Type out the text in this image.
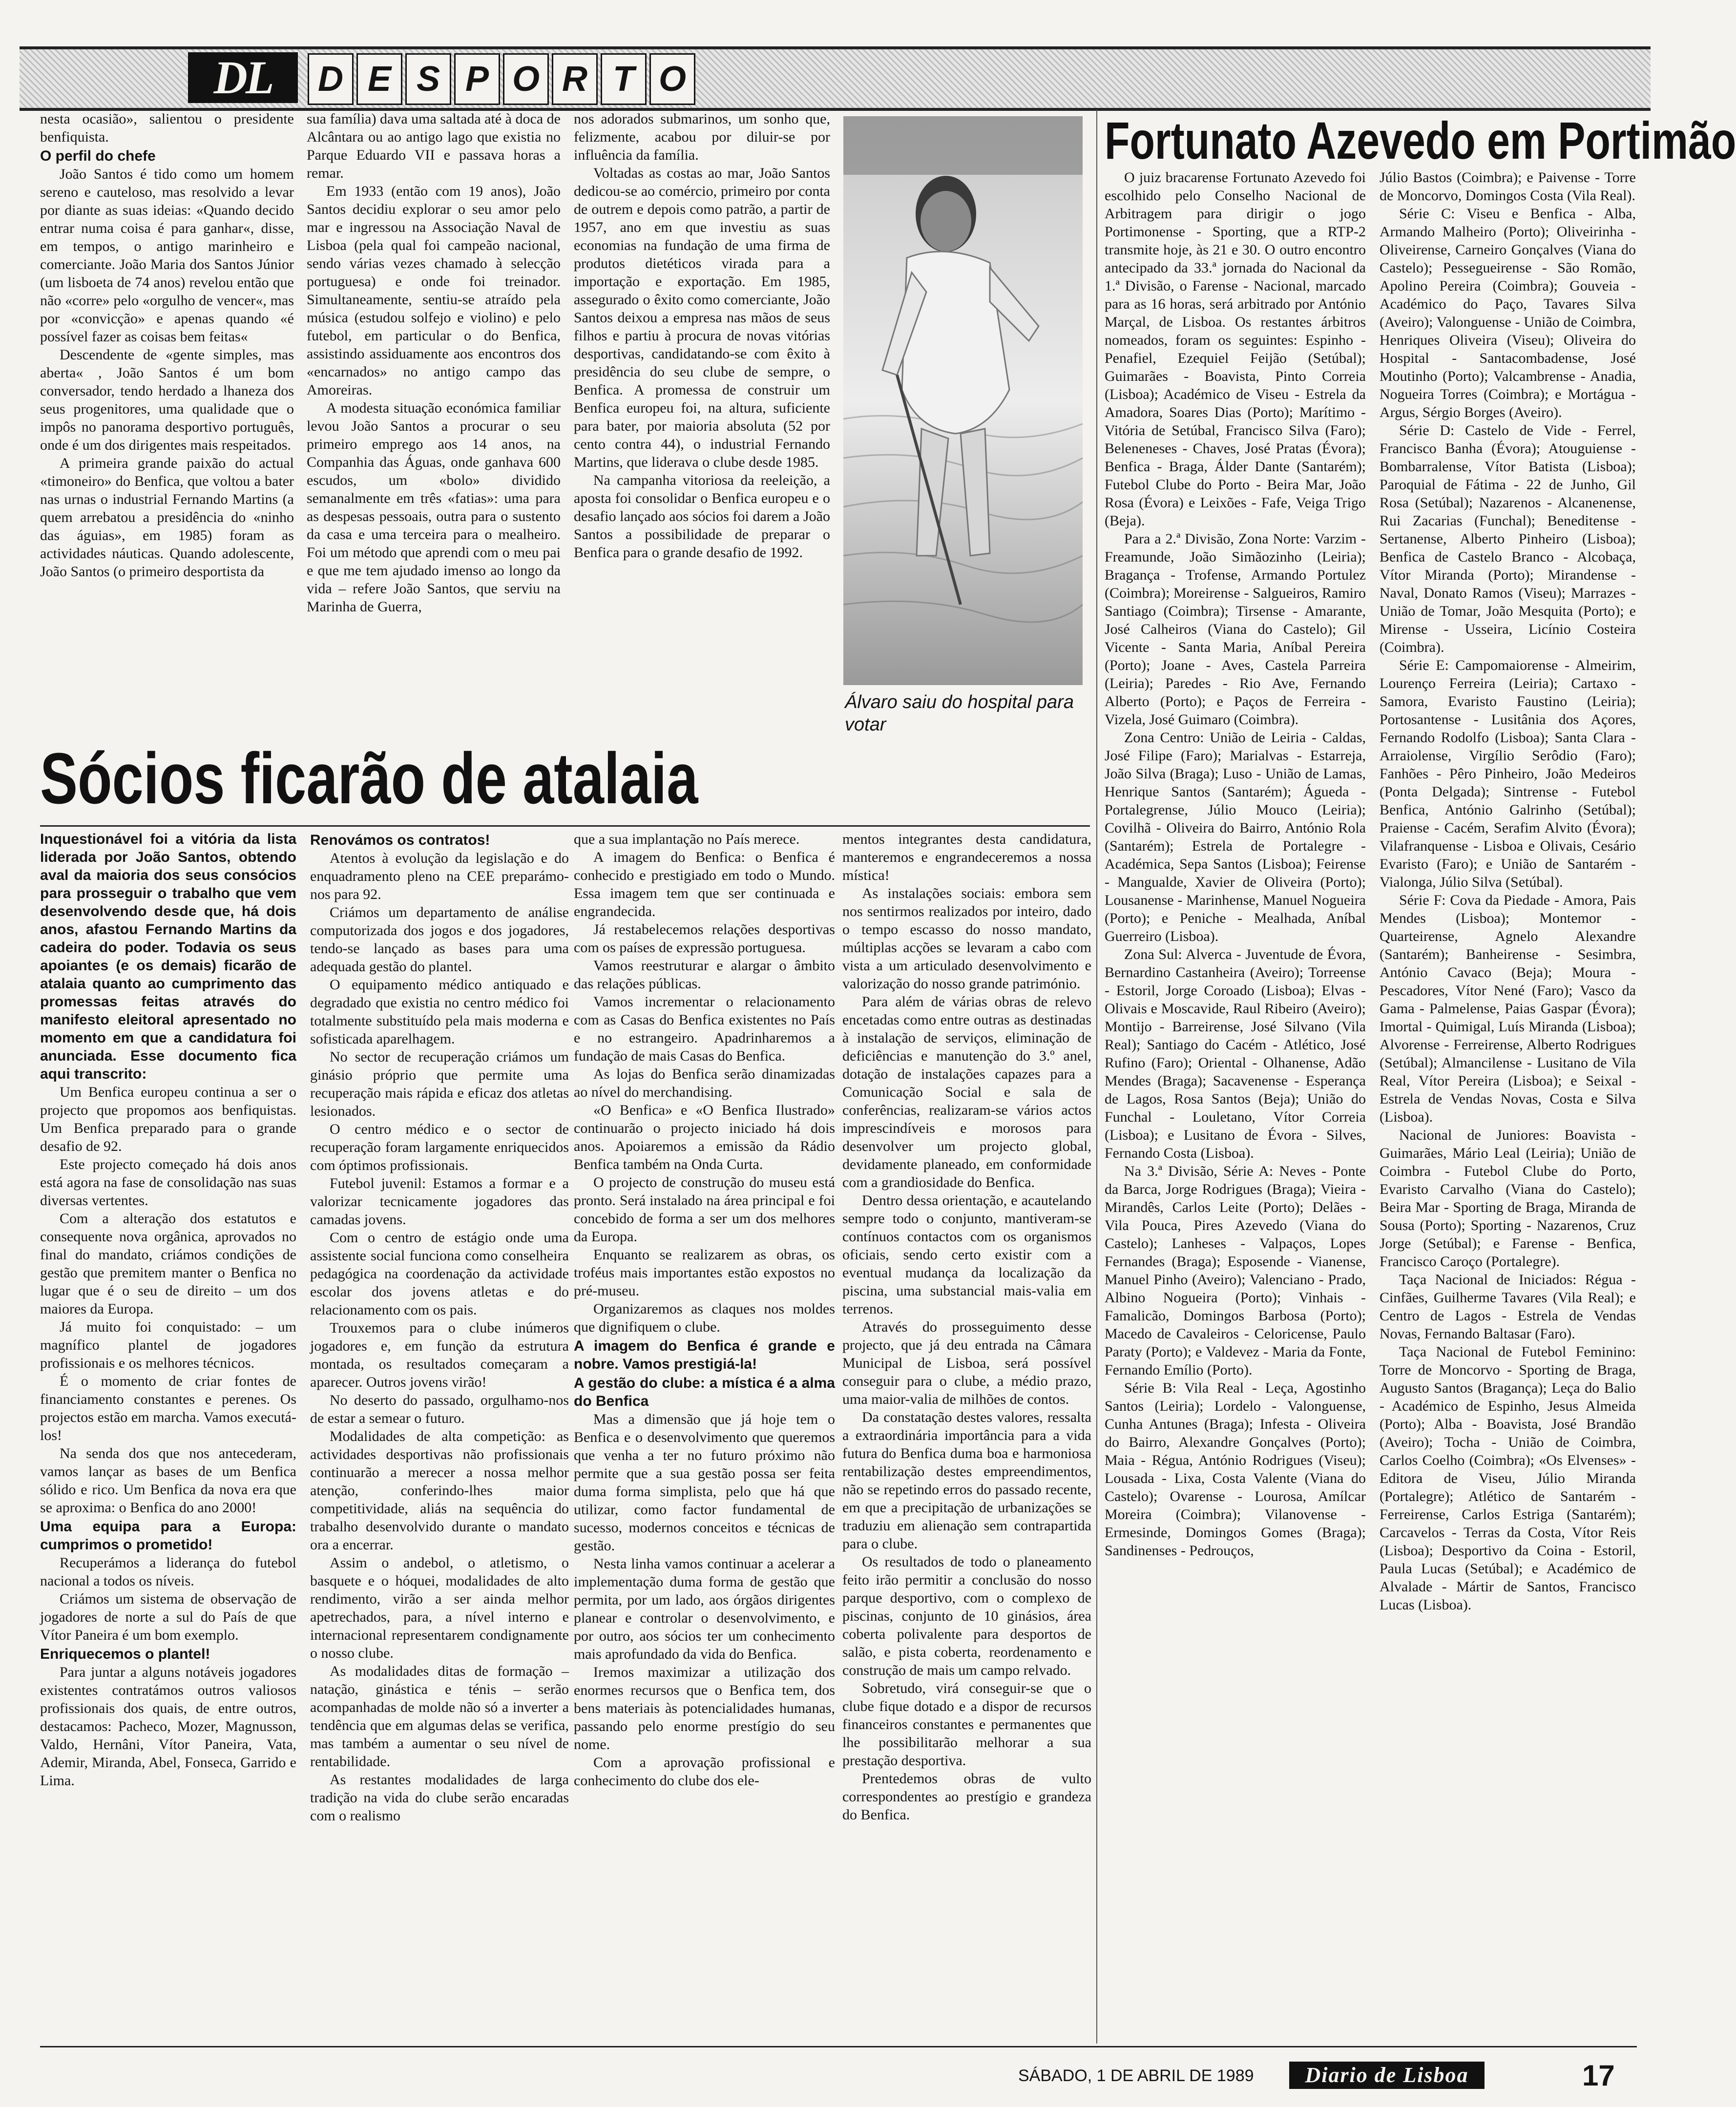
DL	D E S P O R T O

nesta ocasião», salientou o presidente benfiquista.

O perfil do chefe

João Santos é tido como um homem sereno e cauteloso, mas resolvido a levar por diante as suas ideias: «Quando decido entrar numa coisa é para ganhar«, disse, em tempos, o antigo marinheiro e comerciante. João Maria dos Santos Júnior (um lisboeta de 74 anos) revelou então que não «corre» pelo «orgulho de vencer«, mas por «convicção» e apenas quando «é possível fazer as coisas bem feitas«

Descendente de «gente simples, mas aberta« , João Santos é um bom conversador, tendo herdado a lhaneza dos seus progenitores, uma qualidade que o impôs no panorama desportivo português, onde é um dos dirigentes mais respeitados.

A primeira grande paixão do actual «timoneiro» do Benfica, que voltou a bater nas urnas o industrial Fernando Martins (a quem arrebatou a presidência do «ninho das águias», em 1985) foram as actividades náuticas. Quando adolescente, João Santos (o primeiro desportista da

sua família) dava uma saltada até à doca de Alcântara ou ao antigo lago que existia no Parque Eduardo VII e passava horas a remar.

Em 1933 (então com 19 anos), João Santos decidiu explorar o seu amor pelo mar e ingressou na Associação Naval de Lisboa (pela qual foi campeão nacional, sendo várias vezes chamado à selecção portuguesa) e onde foi treinador. Simultaneamente, sentiu-se atraído pela música (estudou solfejo e violino) e pelo futebol, em particular o do Benfica, assistindo assiduamente aos encontros dos «encarnados» no antigo campo das Amoreiras.

A modesta situação económica familiar levou João Santos a procurar o seu primeiro emprego aos 14 anos, na Companhia das Águas, onde ganhava 600 escudos, um «bolo» dividido semanalmente em três «fatias»: uma para as despesas pessoais, outra para o sustento da casa e uma terceira para o mealheiro. Foi um método que aprendi com o meu pai e que me tem ajudado imenso ao longo da vida – refere João Santos, que serviu na Marinha de Guerra,

nos adorados submarinos, um sonho que, felizmente, acabou por diluir-se por influência da família.

Voltadas as costas ao mar, João Santos dedicou-se ao comércio, primeiro por conta de outrem e depois como patrão, a partir de 1957, ano em que investiu as suas economias na fundação de uma firma de produtos dietéticos virada para a importação e exportação. Em 1985, assegurado o êxito como comerciante, João Santos deixou a empresa nas mãos de seus filhos e partiu à procura de novas vitórias desportivas, candidatando-se com êxito à presidência do seu clube de sempre, o Benfica. A promessa de construir um Benfica europeu foi, na altura, suficiente para bater, por maioria absoluta (52 por cento contra 44), o industrial Fernando Martins, que liderava o clube desde 1985.

Na campanha vitoriosa da reeleição, a aposta foi consolidar o Benfica europeu e o desafio lançado aos sócios foi darem a João Santos a possibilidade de preparar o Benfica para o grande desafio de 1992.

Álvaro saiu do hospital para votar
Fortunato Azevedo em Portimão

O juiz bracarense Fortunato Azevedo foi escolhido pelo Conselho Nacional de Arbitragem para dirigir o jogo Portimonense - Sporting, que a RTP-2 transmite hoje, às 21 e 30. O outro encontro antecipado da 33.ª jornada do Nacional da 1.ª Divisão, o Farense - Nacional, marcado para as 16 horas, será arbitrado por António Marçal, de Lisboa. Os restantes árbitros nomeados, foram os seguintes: Espinho - Penafiel, Ezequiel Feijão (Setúbal); Guimarães - Boavista, Pinto Correia (Lisboa); Académico de Viseu - Estrela da Amadora, Soares Dias (Porto); Marítimo - Vitória de Setúbal, Francisco Silva (Faro); Beleneneses - Chaves, José Pratas (Évora); Benfica - Braga, Álder Dante (Santarém); Futebol Clube do Porto - Beira Mar, João Rosa (Évora) e Leixões - Fafe, Veiga Trigo (Beja).

Para a 2.ª Divisão, Zona Norte: Varzim - Freamunde, João Simãozinho (Leiria); Bragança - Trofense, Armando Portulez (Coimbra); Moreirense - Salgueiros, Ramiro Santiago (Coimbra); Tirsense - Amarante, José Calheiros (Viana do Castelo); Gil Vicente - Santa Maria, Aníbal Pereira (Porto); Joane - Aves, Castela Parreira (Leiria); Paredes - Rio Ave, Fernando Alberto (Porto); e Paços de Ferreira - Vizela, José Guimaro (Coimbra).

Zona Centro: União de Leiria - Caldas, José Filipe (Faro); Marialvas - Estarreja, João Silva (Braga); Luso - União de Lamas, Henrique Santos (Santarém); Águeda - Portalegrense, Júlio Mouco (Leiria); Covilhã - Oliveira do Bairro, António Rola (Santarém); Estrela de Portalegre - Académica, Sepa Santos (Lisboa); Feirense - Mangualde, Xavier de Oliveira (Porto); Lousanense - Marinhense, Manuel Nogueira (Porto); e Peniche - Mealhada, Aníbal Guerreiro (Lisboa).

Zona Sul: Alverca - Juventude de Évora, Bernardino Castanheira (Aveiro); Torreense - Estoril, Jorge Coroado (Lisboa); Elvas - Olivais e Moscavide, Raul Ribeiro (Aveiro); Montijo - Barreirense, José Silvano (Vila Real); Santiago do Cacém - Atlético, José Rufino (Faro); Oriental - Olhanense, Adão Mendes (Braga); Sacavenense - Esperança de Lagos, Rosa Santos (Beja); União do Funchal - Louletano, Vítor Correia (Lisboa); e Lusitano de Évora - Silves, Fernando Costa (Lisboa).

Na 3.ª Divisão, Série A: Neves - Ponte da Barca, Jorge Rodrigues (Braga); Vieira - Mirandês, Carlos Leite (Porto); Delães - Vila Pouca, Pires Azevedo (Viana do Castelo); Lanheses - Valpaços, Lopes Fernandes (Braga); Esposende - Vianense, Manuel Pinho (Aveiro); Valenciano - Prado, Albino Nogueira (Porto); Vinhais - Famalicão, Domingos Barbosa (Porto); Macedo de Cavaleiros - Celoricense, Paulo Paraty (Porto); e Valdevez - Maria da Fonte, Fernando Emílio (Porto).

Série B: Vila Real - Leça, Agostinho Santos (Leiria); Lordelo - Valonguense, Cunha Antunes (Braga); Infesta - Oliveira do Bairro, Alexandre Gonçalves (Porto); Maia - Régua, António Rodrigues (Viseu); Lousada - Lixa, Costa Valente (Viana do Castelo); Ovarense - Lourosa, Amílcar Moreira (Coimbra); Vilanovense - Ermesinde, Domingos Gomes (Braga); Sandinenses - Pedrouços,

Júlio Bastos (Coimbra); e Paivense - Torre de Moncorvo, Domingos Costa (Vila Real).

Série C: Viseu e Benfica - Alba, Armando Malheiro (Porto); Oliveirinha - Oliveirense, Carneiro Gonçalves (Viana do Castelo); Pessegueirense - São Romão, Apolino Pereira (Coimbra); Gouveia - Académico do Paço, Tavares Silva (Aveiro); Valonguense - União de Coimbra, Henriques Oliveira (Viseu); Oliveira do Hospital - Santacombadense, José Moutinho (Porto); Valcambrense - Anadia, Nogueira Torres (Coimbra); e Mortágua - Argus, Sérgio Borges (Aveiro).

Série D: Castelo de Vide - Ferrel, Francisco Banha (Évora); Atouguiense - Bombarralense, Vítor Batista (Lisboa); Paroquial de Fátima - 22 de Junho, Gil Rosa (Setúbal); Nazarenos - Alcanenense, Rui Zacarias (Funchal); Beneditense - Sertanense, Alberto Pinheiro (Lisboa); Benfica de Castelo Branco - Alcobaça, Vítor Miranda (Porto); Mirandense - Naval, Donato Ramos (Viseu); Marrazes - União de Tomar, João Mesquita (Porto); e Mirense - Usseira, Licínio Costeira (Coimbra).

Série E: Campomaiorense - Almeirim, Lourenço Ferreira (Leiria); Cartaxo - Samora, Evaristo Faustino (Leiria); Portosantense - Lusitânia dos Açores, Fernando Rodolfo (Lisboa); Santa Clara - Arraiolense, Virgílio Serôdio (Faro); Fanhões - Pêro Pinheiro, João Medeiros (Ponta Delgada); Sintrense - Futebol Benfica, António Galrinho (Setúbal); Praiense - Cacém, Serafim Alvito (Évora); Vilafranquense - Lisboa e Olivais, Cesário Evaristo (Faro); e União de Santarém - Vialonga, Júlio Silva (Setúbal).

Série F: Cova da Piedade - Amora, Pais Mendes (Lisboa); Montemor - Quarteirense, Agnelo Alexandre (Santarém); Banheirense - Sesimbra, António Cavaco (Beja); Moura - Pescadores, Vítor Nené (Faro); Vasco da Gama - Palmelense, Paias Gaspar (Évora); Imortal - Quimigal, Luís Miranda (Lisboa); Alvorense - Ferreirense, Alberto Rodrigues (Setúbal); Almancilense - Lusitano de Vila Real, Vítor Pereira (Lisboa); e Seixal - Estrela de Vendas Novas, Costa e Silva (Lisboa).

Nacional de Juniores: Boavista - Guimarães, Mário Leal (Leiria); União de Coimbra - Futebol Clube do Porto, Evaristo Carvalho (Viana do Castelo); Beira Mar - Sporting de Braga, Miranda de Sousa (Porto); Sporting - Nazarenos, Cruz Jorge (Setúbal); e Farense - Benfica, Francisco Caroço (Portalegre).

Taça Nacional de Iniciados: Régua - Cinfães, Guilherme Tavares (Vila Real); e Centro de Lagos - Estrela de Vendas Novas, Fernando Baltasar (Faro).

Taça Nacional de Futebol Feminino: Torre de Moncorvo - Sporting de Braga, Augusto Santos (Bragança); Leça do Balio - Académico de Espinho, Jesus Almeida (Porto); Alba - Boavista, José Brandão (Aveiro); Tocha - União de Coimbra, Carlos Coelho (Coimbra); «Os Elvenses» - Editora de Viseu, Júlio Miranda (Portalegre); Atlético de Santarém - Ferreirense, Carlos Estriga (Santarém); Carcavelos - Terras da Costa, Vítor Reis (Lisboa); Desportivo da Coina - Estoril, Paula Lucas (Setúbal); e Académico de Alvalade - Mártir de Santos, Francisco Lucas (Lisboa).

Sócios ficarão de atalaia

Inquestionável foi a vitória da lista liderada por João Santos, obtendo aval da maioria dos seus consócios para prosseguir o trabalho que vem desenvolvendo desde que, há dois anos, afastou Fernando Martins da cadeira do poder. Todavia os seus apoiantes (e os demais) ficarão de atalaia quanto ao cumprimento das promessas feitas através do manifesto eleitoral apresentado no momento em que a candidatura foi anunciada. Esse documento fica aqui transcrito:

Um Benfica europeu continua a ser o projecto que propomos aos benfiquistas. Um Benfica preparado para o grande desafio de 92.

Este projecto começado há dois anos está agora na fase de consolidação nas suas diversas vertentes.

Com a alteração dos estatutos e consequente nova orgânica, aprovados no final do mandato, criámos condições de gestão que premitem manter o Benfica no lugar que é o seu de direito – um dos maiores da Europa.

Já muito foi conquistado: – um magnífico plantel de jogadores profissionais e os melhores técnicos.

É o momento de criar fontes de financiamento constantes e perenes. Os projectos estão em marcha. Vamos executá-los!

Na senda dos que nos antecederam, vamos lançar as bases de um Benfica sólido e rico. Um Benfica da nova era que se aproxima: o Benfica do ano 2000!

Uma equipa para a Europa: cumprimos o prometido!

Recuperámos a liderança do futebol nacional a todos os níveis.

Criámos um sistema de observação de jogadores de norte a sul do País de que Vítor Paneira é um bom exemplo.

Enriquecemos o plantel!

Para juntar a alguns notáveis jogadores existentes contratámos outros valiosos profissionais dos quais, de entre outros, destacamos: Pacheco, Mozer, Magnusson, Valdo, Hernâni, Vítor Paneira, Vata, Ademir, Miranda, Abel, Fonseca, Garrido e Lima.

Renovámos os contratos!

Atentos à evolução da legislação e do enquadramento pleno na CEE preparámo-nos para 92.

Criámos um departamento de análise computorizada dos jogos e dos jogadores, tendo-se lançado as bases para uma adequada gestão do plantel.

O equipamento médico antiquado e degradado que existia no centro médico foi totalmente substituído pela mais moderna e sofisticada aparelhagem.

No sector de recuperação criámos um ginásio próprio que permite uma recuperação mais rápida e eficaz dos atletas lesionados.

O centro médico e o sector de recuperação foram largamente enriquecidos com óptimos profissionais.

Futebol juvenil: Estamos a formar e a valorizar tecnicamente jogadores das camadas jovens.

Com o centro de estágio onde uma assistente social funciona como conselheira pedagógica na coordenação da actividade escolar dos jovens atletas e do relacionamento com os pais.

Trouxemos para o clube inúmeros jogadores e, em função da estrutura montada, os resultados começaram a aparecer. Outros jovens virão!

No deserto do passado, orgulhamo-nos de estar a semear o futuro.

Modalidades de alta competição: as actividades desportivas não profissionais continuarão a merecer a nossa melhor atenção, conferindo-lhes maior competitividade, aliás na sequência do trabalho desenvolvido durante o mandato ora a encerrar.

Assim o andebol, o atletismo, o basquete e o hóquei, modalidades de alto rendimento, virão a ser ainda melhor apetrechados, para, a nível interno e internacional representarem condignamente o nosso clube.

As modalidades ditas de formação – natação, ginástica e ténis – serão acompanhadas de molde não só a inverter a tendência que em algumas delas se verifica, mas também a aumentar o seu nível de rentabilidade.

As restantes modalidades de larga tradição na vida do clube serão encaradas com o realismo

que a sua implantação no País merece.

A imagem do Benfica: o Benfica é conhecido e prestigiado em todo o Mundo. Essa imagem tem que ser continuada e engrandecida.

Já restabelecemos relações desportivas com os países de expressão portuguesa.

Vamos reestruturar e alargar o âmbito das relações públicas.

Vamos incrementar o relacionamento com as Casas do Benfica existentes no País e no estrangeiro. Apadrinharemos a fundação de mais Casas do Benfica.

As lojas do Benfica serão dinamizadas ao nível do merchandising.

«O Benfica» e «O Benfica Ilustrado» continuarão o projecto iniciado há dois anos. Apoiaremos a emissão da Rádio Benfica também na Onda Curta.

O projecto de construção do museu está pronto. Será instalado na área principal e foi concebido de forma a ser um dos melhores da Europa.

Enquanto se realizarem as obras, os troféus mais importantes estão expostos no pré-museu.

Organizaremos as claques nos moldes que dignifiquem o clube.

A imagem do Benfica é grande e nobre. Vamos prestigiá-la!

A gestão do clube: a mística é a alma do Benfica

Mas a dimensão que já hoje tem o Benfica e o desenvolvimento que queremos que venha a ter no futuro próximo não permite que a sua gestão possa ser feita duma forma simplista, pelo que há que utilizar, como factor fundamental de sucesso, modernos conceitos e técnicas de gestão.

Nesta linha vamos continuar a acelerar a implementação duma forma de gestão que permita, por um lado, aos órgãos dirigentes planear e controlar o desenvolvimento, e por outro, aos sócios ter um conhecimento mais aprofundado da vida do Benfica.

Iremos maximizar a utilização dos enormes recursos que o Benfica tem, dos bens materiais às potencialidades humanas, passando pelo enorme prestígio do seu nome.

Com a aprovação profissional e conhecimento do clube dos ele-

mentos integrantes desta candidatura, manteremos e engrandeceremos a nossa mística!

As instalações sociais: embora sem nos sentirmos realizados por inteiro, dado o tempo escasso do nosso mandato, múltiplas acções se levaram a cabo com vista a um articulado desenvolvimento e valorização do nosso grande património.

Para além de várias obras de relevo encetadas como entre outras as destinadas à instalação de serviços, eliminação de deficiências e manutenção do 3.º anel, dotação de instalações capazes para a Comunicação Social e sala de conferências, realizaram-se vários actos imprescindíveis e morosos para desenvolver um projecto global, devidamente planeado, em conformidade com a grandiosidade do Benfica.

Dentro dessa orientação, e acautelando sempre todo o conjunto, mantiveram-se contínuos contactos com os organismos oficiais, sendo certo existir com a eventual mudança da localização da piscina, uma substancial mais-valia em terrenos.

Através do prosseguimento desse projecto, que já deu entrada na Câmara Municipal de Lisboa, será possível conseguir para o clube, a médio prazo, uma maior-valia de milhões de contos.

Da constatação destes valores, ressalta a extraordinária importância para a vida futura do Benfica duma boa e harmoniosa rentabilização destes empreendimentos, não se repetindo erros do passado recente, em que a precipitação de urbanizações se traduziu em alienação sem contrapartida para o clube.

Os resultados de todo o planeamento feito irão permitir a conclusão do nosso parque desportivo, com o complexo de piscinas, conjunto de 10 ginásios, área coberta polivalente para desportos de salão, e pista coberta, reordenamento e construção de mais um campo relvado.

Sobretudo, virá conseguir-se que o clube fique dotado e a dispor de recursos financeiros constantes e permanentes que lhe possibilitarão melhorar a sua prestação desportiva.

Prentedemos obras de vulto correspondentes ao prestígio e grandeza do Benfica.

SÁBADO, 1 DE ABRIL DE 1989	Diario de Lisboa	17
